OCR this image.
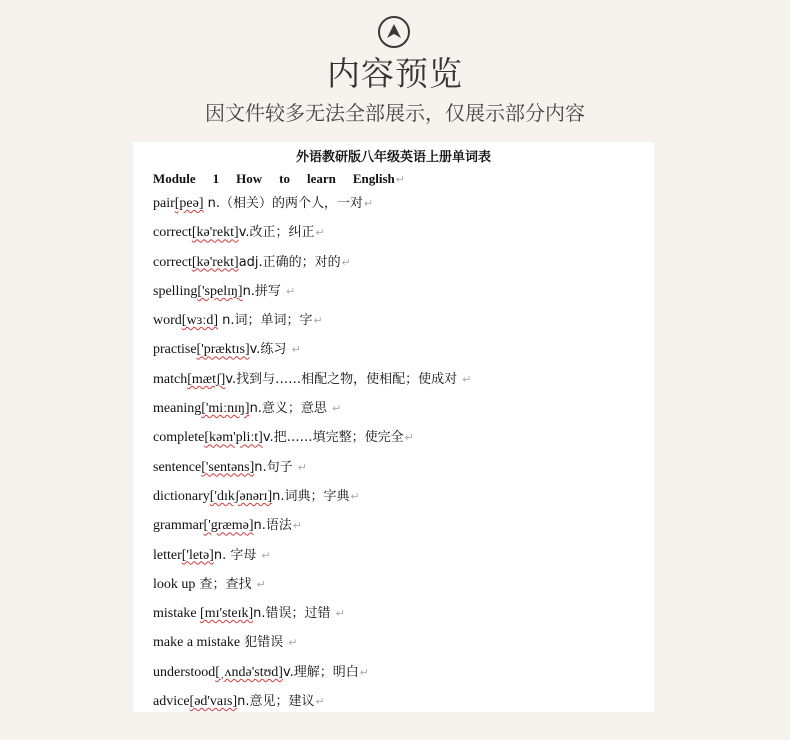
内容预览
因文件较多无法全部展示，仅展示部分内容
外语教研版八年级英语上册单词表
Module 1 How to learn English↵
pair[peə] n.（相关）的两个人，一对↵
correct[kə'rekt]v.改正；纠正↵
correct[kə'rekt]adj.正确的；对的↵
spelling['spelɪŋ]n.拼写 ↵
word[wɜːd] n.词；单词；字↵
practise['præktɪs]v.练习 ↵
match[mætʃ]v.找到与……相配之物，使相配；使成对 ↵
meaning['miːnɪŋ]n.意义；意思 ↵
complete[kəm'pliːt]v.把……填完整；使完全↵
sentence['sentəns]n.句子 ↵
dictionary['dɪkʃənərɪ]n.词典；字典↵
grammar['græmə]n.语法↵
letter['letə]n. 字母 ↵
look up 查；查找 ↵
mistake [mɪ'steɪk]n.错误；过错 ↵
make a mistake 犯错误 ↵
understood[ˌʌndə'stʊd]v.理解；明白↵
advice[əd'vaɪs]n.意见；建议↵
